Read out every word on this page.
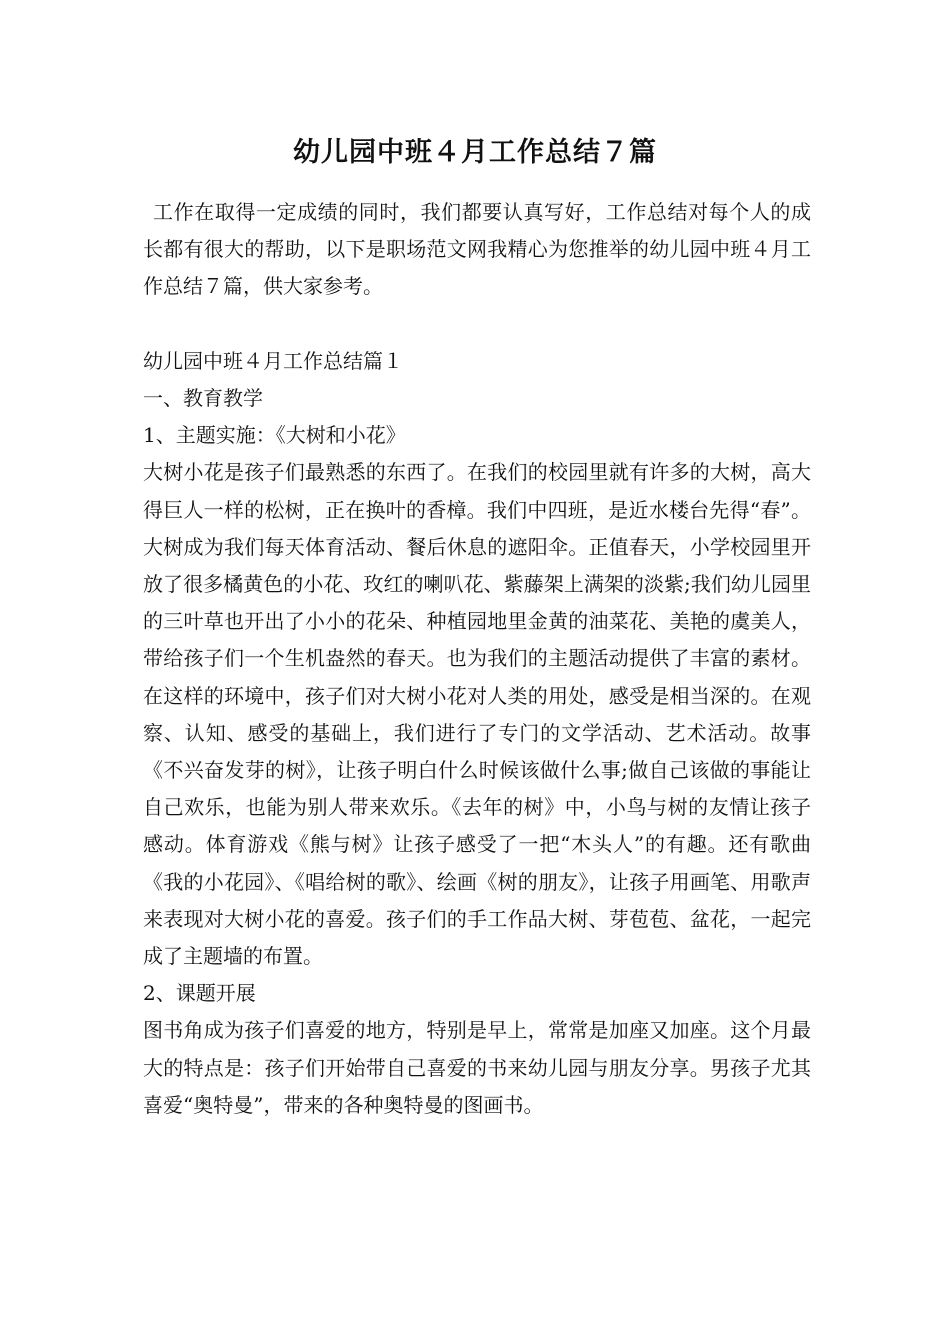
幼儿园中班４月工作总结７篇

工作在取得一定成绩的同时，我们都要认真写好，工作总结对每个人的成长都有很大的帮助，以下是职场范文网我精心为您推举的幼儿园中班４月工作总结７篇，供大家参考。

幼儿园中班４月工作总结篇１

一、教育教学

1、主题实施：《大树和小花》

大树小花是孩子们最熟悉的东西了。在我们的校园里就有许多的大树，高大得巨人一样的松树，正在换叶的香樟。我们中四班，是近水楼台先得“春”。大树成为我们每天体育活动、餐后休息的遮阳伞。正值春天，小学校园里开放了很多橘黄色的小花、玫红的喇叭花、紫藤架上满架的淡紫;我们幼儿园里的三叶草也开出了小小的花朵、种植园地里金黄的油菜花、美艳的虞美人，带给孩子们一个生机盎然的春天。也为我们的主题活动提供了丰富的素材。在这样的环境中，孩子们对大树小花对人类的用处，感受是相当深的。在观察、认知、感受的基础上，我们进行了专门的文学活动、艺术活动。故事《不兴奋发芽的树》，让孩子明白什么时候该做什么事;做自己该做的事能让自己欢乐，也能为别人带来欢乐。《去年的树》中，小鸟与树的友情让孩子感动。体育游戏《熊与树》让孩子感受了一把“木头人”的有趣。还有歌曲《我的小花园》、《唱给树的歌》、绘画《树的朋友》，让孩子用画笔、用歌声来表现对大树小花的喜爱。孩子们的手工作品大树、芽苞苞、盆花，一起完成了主题墙的布置。

2、课题开展

图书角成为孩子们喜爱的地方，特别是早上，常常是加座又加座。这个月最大的特点是：孩子们开始带自己喜爱的书来幼儿园与朋友分享。男孩子尤其喜爱“奥特曼”，带来的各种奥特曼的图画书。
